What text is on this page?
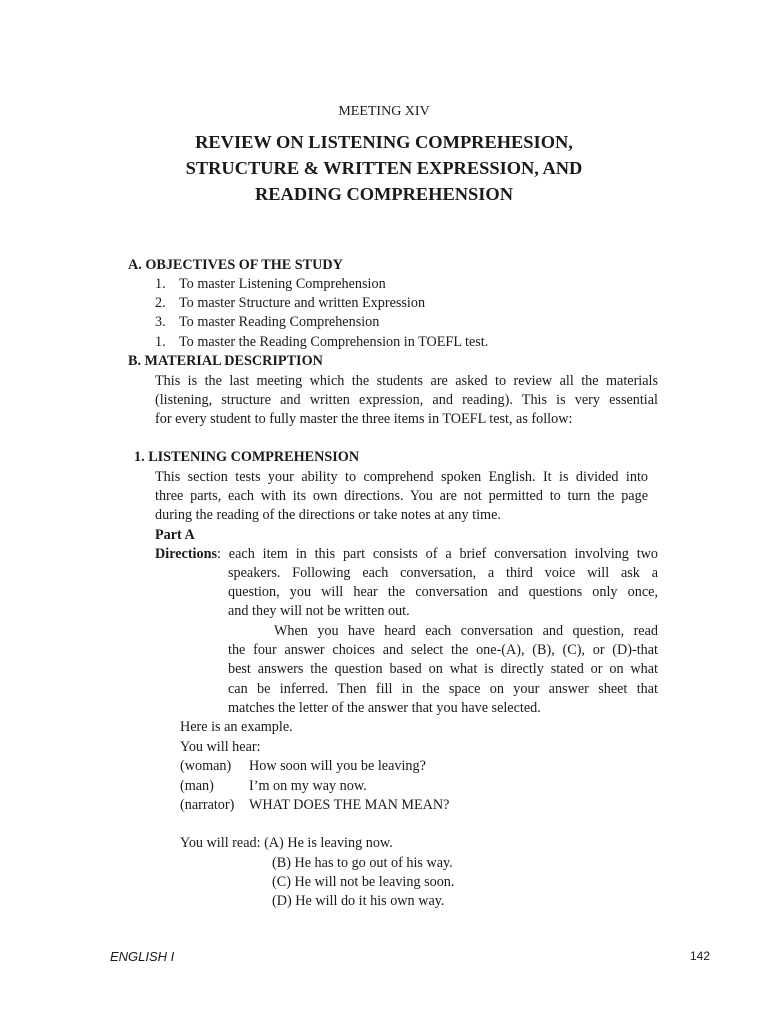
MEETING XIV
REVIEW ON LISTENING COMPREHESION,
STRUCTURE & WRITTEN EXPRESSION, AND
READING COMPREHENSION
A. OBJECTIVES OF THE STUDY
1. To master Listening Comprehension
2. To master Structure and written Expression
3. To master Reading Comprehension
1. To master the Reading Comprehension in TOEFL test.
B. MATERIAL DESCRIPTION
This is the last meeting which the students are asked to review all the materials
(listening, structure and written expression, and reading). This is very essential
for every student to fully master the three items in TOEFL test, as follow:
1. LISTENING COMPREHENSION
This section tests your ability to comprehend spoken English. It is divided into
three parts, each with its own directions. You are not permitted to turn the page
during the reading of the directions or take notes at any time.
Part A
Directions: each item in this part consists of a brief conversation involving two
speakers. Following each conversation, a third voice will ask a
question, you will hear the conversation and questions only once,
and they will not be written out.
When you have heard each conversation and question, read
the four answer choices and select the one-(A), (B), (C), or (D)-that
best answers the question based on what is directly stated or on what
can be inferred. Then fill in the space on your answer sheet that
matches the letter of the answer that you have selected.
Here is an example.
You will hear:
(woman) How soon will you be leaving?
(man) I’m on my way now.
(narrator) WHAT DOES THE MAN MEAN?
You will read: (A) He is leaving now.
(B) He has to go out of his way.
(C) He will not be leaving soon.
(D) He will do it his own way.
ENGLISH I	142
